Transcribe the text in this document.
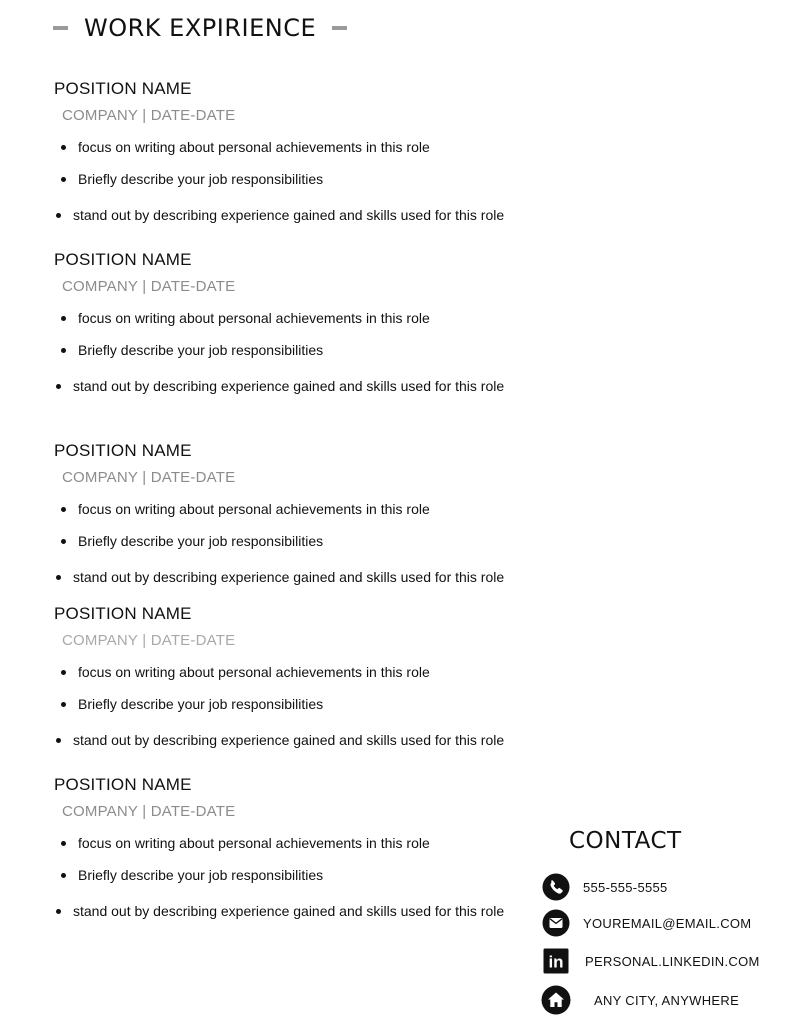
WORK EXPIRIENCE
POSITION NAME
COMPANY | DATE-DATE
focus on writing about personal achievements in this role
Briefly describe your job responsibilities
stand out by describing experience gained and skills used for this role
POSITION NAME
COMPANY | DATE-DATE
focus on writing about personal achievements in this role
Briefly describe your job responsibilities
stand out by describing experience gained and skills used for this role
POSITION NAME
COMPANY | DATE-DATE
focus on writing about personal achievements in this role
Briefly describe your job responsibilities
stand out by describing experience gained and skills used for this role
POSITION NAME
COMPANY | DATE-DATE
focus on writing about personal achievements in this role
Briefly describe your job responsibilities
stand out by describing experience gained and skills used for this role
POSITION NAME
COMPANY | DATE-DATE
focus on writing about personal achievements in this role
Briefly describe your job responsibilities
stand out by describing experience gained and skills used for this role
CONTACT
555-555-5555
YOUREMAIL@EMAIL.COM
in PERSONAL.LINKEDIN.COM
ANY CITY, ANYWHERE
